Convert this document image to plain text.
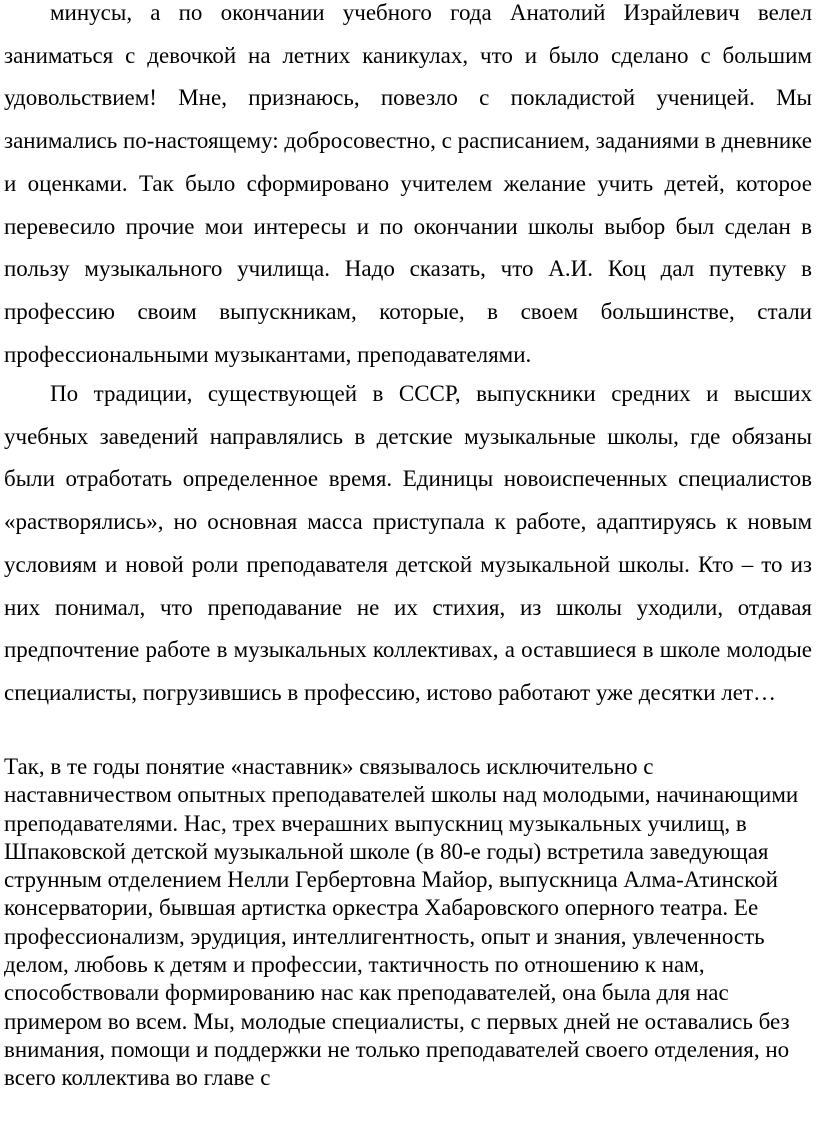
минусы, а по окончании учебного года Анатолий Израйлевич велел заниматься с девочкой на летних каникулах, что и было сделано с большим удовольствием! Мне, признаюсь, повезло с покладистой ученицей. Мы занимались по-настоящему: добросовестно, с расписанием, заданиями в дневнике и оценками. Так было сформировано учителем желание учить детей, которое перевесило прочие мои интересы и по окончании школы выбор был сделан в пользу музыкального училища. Надо сказать, что А.И. Коц дал путевку в профессию своим выпускникам, которые, в своем большинстве, стали профессиональными музыкантами, преподавателями.

По традиции, существующей в СССР, выпускники средних и высших учебных заведений направлялись в детские музыкальные школы, где обязаны были отработать определенное время. Единицы новоиспеченных специалистов «растворялись», но основная масса приступала к работе, адаптируясь к новым условиям и новой роли преподавателя детской музыкальной школы. Кто – то из них понимал, что преподавание не их стихия, из школы уходили, отдавая предпочтение работе в музыкальных коллективах, а оставшиеся в школе молодые специалисты, погрузившись в профессию, истово работают уже десятки лет…

Так, в те годы понятие «наставник» связывалось исключительно с наставничеством опытных преподавателей школы над молодыми, начинающими преподавателями. Нас, трех вчерашних выпускниц музыкальных училищ, в Шпаковской детской музыкальной школе (в 80-е годы) встретила заведующая струнным отделением Нелли Гербертовна Майор, выпускница Алма-Атинской консерватории, бывшая артистка оркестра Хабаровского оперного театра. Ее профессионализм, эрудиция, интеллигентность, опыт и знания, увлеченность делом, любовь к детям и профессии, тактичность по отношению к нам, способствовали формированию нас как преподавателей, она была для нас примером во всем. Мы, молодые специалисты, с первых дней не оставались без внимания, помощи и поддержки не только преподавателей своего отделения, но всего коллектива во главе с
